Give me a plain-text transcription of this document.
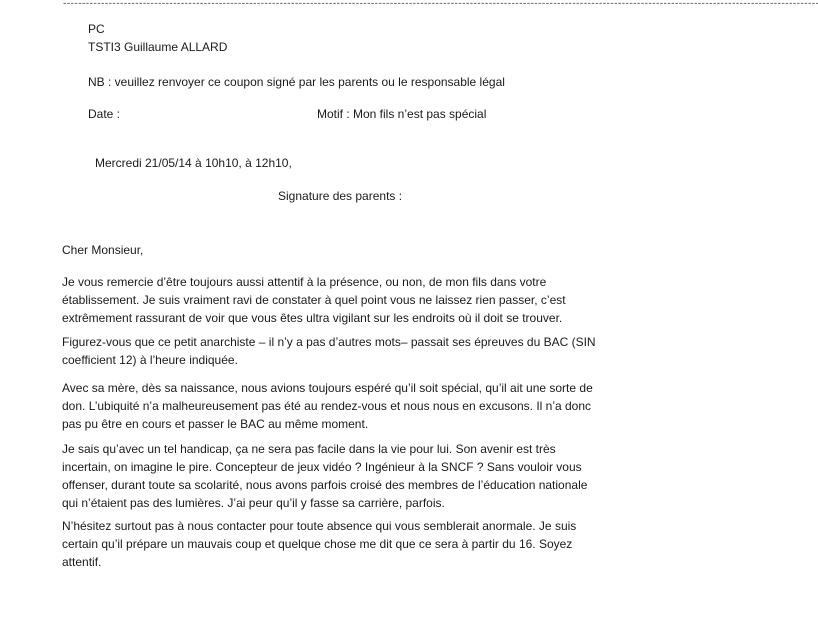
-------------------------------------------------------------------------------------------------------------------------------------------------------------------------------------------------------
PC
TSTI3 Guillaume ALLARD
NB : veuillez renvoyer ce coupon signé par les parents ou le responsable légal
Date :	Motif : Mon fils n’est pas spécial
Mercredi 21/05/14 à 10h10, à 12h10,
Signature des parents :
Cher Monsieur,
Je vous remercie d’être toujours aussi attentif à la présence, ou non, de mon fils dans votre
établissement. Je suis vraiment ravi de constater à quel point vous ne laissez rien passer, c’est
extrêmement rassurant de voir que vous êtes ultra vigilant sur les endroits où il doit se trouver.
Figurez-vous que ce petit anarchiste – il n’y a pas d’autres mots– passait ses épreuves du BAC (SIN
coefficient 12) à l’heure indiquée.
Avec sa mère, dès sa naissance, nous avions toujours espéré qu’il soit spécial, qu’il ait une sorte de
don. L’ubiquité n’a malheureusement pas été au rendez-vous et nous nous en excusons. Il n’a donc
pas pu être en cours et passer le BAC au même moment.
Je sais qu’avec un tel handicap, ça ne sera pas facile dans la vie pour lui. Son avenir est très
incertain, on imagine le pire. Concepteur de jeux vidéo ? Ingénieur à la SNCF ? Sans vouloir vous
offenser, durant toute sa scolarité, nous avons parfois croisé des membres de l’éducation nationale
qui n’étaient pas des lumières. J’ai peur qu’il y fasse sa carrière, parfois.
N’hésitez surtout pas à nous contacter pour toute absence qui vous semblerait anormale. Je suis
certain qu’il prépare un mauvais coup et quelque chose me dit que ce sera à partir du 16. Soyez
attentif.
